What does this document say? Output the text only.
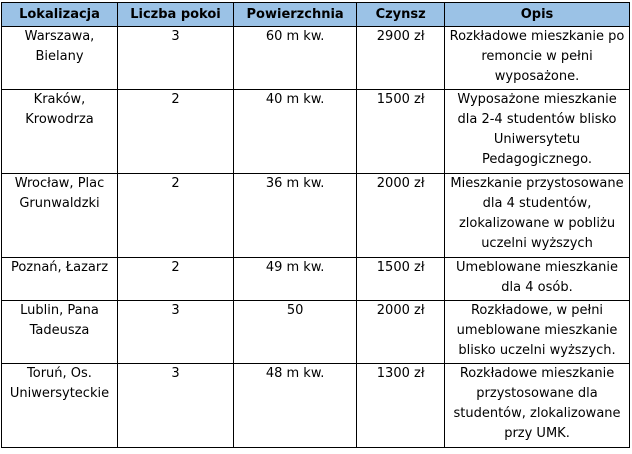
Lokalizacja	Liczba pokoi	Powierzchnia	Czynsz	Opis
Warszawa, Bielany	3	60 m kw.	2900 zł	Rozkładowe mieszkanie po remoncie w pełni wyposażone.
Kraków, Krowodrza	2	40 m kw.	1500 zł	Wyposażone mieszkanie dla 2-4 studentów blisko Uniwersytetu Pedagogicznego.
Wrocław, Plac Grunwaldzki	2	36 m kw.	2000 zł	Mieszkanie przystosowane dla 4 studentów, zlokalizowane w pobliżu uczelni wyższych
Poznań, Łazarz	2	49 m kw.	1500 zł	Umeblowane mieszkanie dla 4 osób.
Lublin, Pana Tadeusza	3	50	2000 zł	Rozkładowe, w pełni umeblowane mieszkanie blisko uczelni wyższych.
Toruń, Os. Uniwersyteckie	3	48 m kw.	1300 zł	Rozkładowe mieszkanie przystosowane dla studentów, zlokalizowane przy UMK.
